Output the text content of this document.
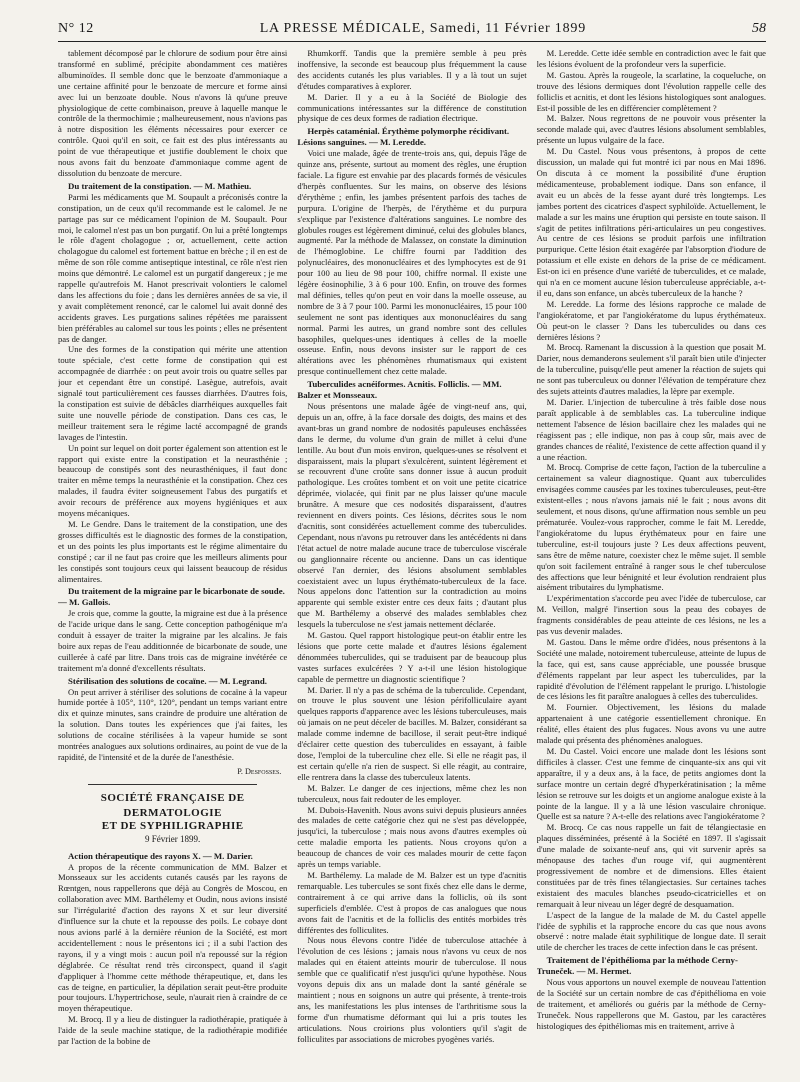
N° 12	LA PRESSE MÉDICALE, Samedi, 11 Février 1899	58

tablement décomposé par le chlorure de sodium pour être ainsi transformé en sublimé, précipite abondamment ces matières albuminoïdes. Il semble donc que le benzoate d'ammoniaque a une certaine affinité pour le benzoate de mercure et forme ainsi avec lui un benzoate double. Nous n'avons là qu'une preuve physiologique de cette combinaison, preuve à laquelle manque le contrôle de la thermochimie ; malheureusement, nous n'avions pas à notre disposition les éléments nécessaires pour exercer ce contrôle. Quoi qu'il en soit, ce fait est des plus intéressants au point de vue thérapeutique et justifie doublement le choix que nous avons fait du benzoate d'ammoniaque comme agent de dissolution du benzoate de mercure.

Du traitement de la constipation. — M. Mathieu.

Parmi les médicaments que M. Soupault a préconisés contre la constipation, un de ceux qu'il recommande est le calomel. Je ne partage pas sur ce médicament l'opinion de M. Soupault. Pour moi, le calomel n'est pas un bon purgatif. On lui a prêté longtemps le rôle d'agent cholagogue ; or, actuellement, cette action cholagogue du calomel est fortement battue en brèche ; il en est de même de son rôle comme antiseptique intestinal, ce rôle n'est rien moins que démontré. Le calomel est un purgatif dangereux ; je me rappelle qu'autrefois M. Hanot prescrivait volontiers le calomel dans les affections du foie ; dans les dernières années de sa vie, il y avait complètement renoncé, car le calomel lui avait donné des accidents graves. Les purgations salines répétées me paraissent bien préférables au calomel sur tous les points ; elles ne présentent pas de danger.

Une des formes de la constipation qui mérite une attention toute spéciale, c'est cette forme de constipation qui est accompagnée de diarrhée : on peut avoir trois ou quatre selles par jour et cependant être un constipé. Lasègue, autrefois, avait signalé tout particulièrement ces fausses diarrhées. D'autres fois, la constipation est suivie de débâcles diarrhéiques auxquelles fait suite une nouvelle période de constipation. Dans ces cas, le meilleur traitement sera le régime lacté accompagné de grands lavages de l'intestin.

Un point sur lequel on doit porter également son attention est le rapport qui existe entre la constipation et la neurasthénie ; beaucoup de constipés sont des neurasthéniques, il faut donc traiter en même temps la neurasthénie et la constipation. Chez ces malades, il faudra éviter soigneusement l'abus des purgatifs et avoir recours de préférence aux moyens hygiéniques et aux moyens mécaniques.

M. Le Gendre. Dans le traitement de la constipation, une des grosses difficultés est le diagnostic des formes de la constipation, et un des points les plus importants est le régime alimentaire du constipé ; car il ne faut pas croire que les meilleurs aliments pour les constipés sont toujours ceux qui laissent beaucoup de résidus alimentaires.

Du traitement de la migraine par le bicarbonate de soude. — M. Gallois.

Je crois que, comme la goutte, la migraine est due à la présence de l'acide urique dans le sang. Cette conception pathogénique m'a conduit à essayer de traiter la migraine par les alcalins. Je fais boire aux repas de l'eau additionnée de bicarbonate de soude, une cuillerée à café par litre. Dans trois cas de migraine invétérée ce traitement m'a donné d'excellents résultats.

Stérilisation des solutions de cocaïne. — M. Legrand.

On peut arriver à stériliser des solutions de cocaïne à la vapeur humide portée à 105°, 110°, 120°, pendant un temps variant entre dix et quinze minutes, sans craindre de produire une altération de la solution. Dans toutes les expériences que j'ai faites, les solutions de cocaïne stérilisées à la vapeur humide se sont montrées analogues aux solutions ordinaires, au point de vue de la rapidité, de l'intensité et de la durée de l'anesthésie.

P. Desfosses.
SOCIÉTÉ FRANÇAISE DE DERMATOLOGIE
ET DE SYPHILIGRAPHIE
9 Février 1899.
Action thérapeutique des rayons X. — M. Darier.

A propos de la récente communication de MM. Balzer et Monsseaux sur les accidents cutanés causés par les rayons de Rœntgen, nous rappellerons que déjà au Congrès de Moscou, en collaboration avec MM. Barthélemy et Oudin, nous avions insisté sur l'irrégularité d'action des rayons X et sur leur diversité d'influence sur la chute et la repousse des poils. Le cobaye dont nous avions parlé à la dernière réunion de la Société, est mort accidentellement : nous le présentons ici ; il a subi l'action des rayons, il y a vingt mois : aucun poil n'a repoussé sur la région déglabrée. Ce résultat rend très circonspect, quand il s'agit d'appliquer à l'homme cette méthode thérapeutique, et, dans les cas de teigne, en particulier, la dépilation serait peut-être produite pour toujours. L'hypertrichose, seule, n'aurait rien à craindre de ce moyen thérapeutique.

M. Brocq. Il y a lieu de distinguer la radiothérapie, pratiquée à l'aide de la seule machine statique, de la radiothérapie modifiée par l'action de la bobine de

Rhumkorff. Tandis que la première semble à peu près inoffensive, la seconde est beaucoup plus fréquemment la cause des accidents cutanés les plus variables. Il y a là tout un sujet d'études comparatives à explorer.

M. Darier. Il y a eu à la Société de Biologie des communications intéressantes sur la différence de constitution physique de ces deux formes de radiation électrique.

Herpès cataménial. Érythème polymorphe récidivant. Lésions sanguines. — M. Leredde.

Voici une malade, âgée de trente-trois ans, qui, depuis l'âge de quinze ans, présente, surtout au moment des règles, une éruption faciale. La figure est envahie par des placards formés de vésicules d'herpès confluentes. Sur les mains, on observe des lésions d'érythème ; enfin, les jambes présentent parfois des taches de purpura. L'origine de l'herpès, de l'érythème et du purpura s'explique par l'existence d'altérations sanguines. Le nombre des globules rouges est légèrement diminué, celui des globules blancs, augmenté. Par la méthode de Malassez, on constate la diminution de l'hémoglobine. Le chiffre fourni par l'addition des polynucléaires, des mononucléaires et des lymphocytes est de 91 pour 100 au lieu de 98 pour 100, chiffre normal. Il existe une légère éosinophilie, 3 à 6 pour 100. Enfin, on trouve des formes mal définies, telles qu'on peut en voir dans la moelle osseuse, au nombre de 3 à 7 pour 100. Parmi les mononucléaires, 15 pour 100 seulement ne sont pas identiques aux mononucléaires du sang normal. Parmi les autres, un grand nombre sont des cellules basophiles, quelques-unes identiques à celles de la moelle osseuse. Enfin, nous devons insister sur le rapport de ces altérations avec les phénomènes rhumatismaux qui existent presque continuellement chez cette malade.

Tuberculides acnéiformes. Acnitis. Folliclis. — MM. Balzer et Monsseaux.

Nous présentons une malade âgée de vingt-neuf ans, qui, depuis un an, offre, à la face dorsale des doigts, des mains et des avant-bras un grand nombre de nodosités papuleuses enchâssées dans le derme, du volume d'un grain de millet à celui d'une lentille. Au bout d'un mois environ, quelques-unes se résolvent et disparaissent, mais la plupart s'exulcèrent, suintent légèrement et se recouvrent d'une croûte sans donner issue à aucun produit pathologique. Les croûtes tombent et on voit une petite cicatrice déprimée, violacée, qui finit par ne plus laisser qu'une macule brunâtre. A mesure que ces nodosités disparaissent, d'autres reviennent en divers points. Ces lésions, décrites sous le nom d'acnitis, sont considérées actuellement comme des tuberculides. Cependant, nous n'avons pu retrouver dans les antécédents ni dans l'état actuel de notre malade aucune trace de tuberculose viscérale ou ganglionnaire récente ou ancienne. Dans un cas identique observé l'an dernier, des lésions absolument semblables coexistaient avec un lupus érythémato-tuberculeux de la face. Nous appelons donc l'attention sur la contradiction au moins apparente qui semble exister entre ces deux faits ; d'autant plus que M. Barthélemy a observé des malades semblables chez lesquels la tuberculose ne s'est jamais nettement déclarée.

M. Gastou. Quel rapport histologique peut-on établir entre les lésions que porte cette malade et d'autres lésions également dénommées tuberculides, qui se traduisent par de beaucoup plus vastes surfaces exulcérées ? Y a-t-il une lésion histologique capable de permettre un diagnostic scientifique ?

M. Darier. Il n'y a pas de schéma de la tuberculide. Cependant, on trouve le plus souvent une lésion périfolliculaire ayant quelques rapports d'apparence avec les lésions tuberculeuses, mais où jamais on ne peut déceler de bacilles. M. Balzer, considérant sa malade comme indemne de bacillose, il serait peut-être indiqué d'éclairer cette question des tuberculides en essayant, à faible dose, l'emploi de la tuberculine chez elle. Si elle ne réagit pas, il est certain qu'elle n'a rien de suspect. Si elle réagit, au contraire, elle rentrera dans la classe des tuberculeux latents.

M. Balzer. Le danger de ces injections, même chez les non tuberculeux, nous fait redouter de les employer.

M. Dubois-Havenith. Nous avons suivi depuis plusieurs années des malades de cette catégorie chez qui ne s'est pas développée, jusqu'ici, la tuberculose ; mais nous avons d'autres exemples où cette maladie emporta les patients. Nous croyons qu'on a beaucoup de chances de voir ces malades mourir de cette façon après un temps variable.

M. Barthélemy. La malade de M. Balzer est un type d'acnitis remarquable. Les tubercules se sont fixés chez elle dans le derme, contrairement à ce qui arrive dans la folliclis, où ils sont superficiels d'emblée. C'est à propos de cas analogues que nous avons fait de l'acnitis et de la folliclis des entités morbides très différentes des folliculites.

Nous nous élevons contre l'idée de tuberculose attachée à l'évolution de ces lésions ; jamais nous n'avons vu ceux de nos malades qui en étaient atteints mourir de tuberculose. Il nous semble que ce qualificatif n'est jusqu'ici qu'une hypothèse. Nous voyons depuis dix ans un malade dont la santé générale se maintient ; nous en soignons un autre qui présente, à trente-trois ans, les manifestations les plus intenses de l'arthritisme sous la forme d'un rhumatisme déformant qui lui a pris toutes les articulations. Nous croirions plus volontiers qu'il s'agit de folliculites par associations de microbes pyogènes variés.

M. Leredde. Cette idée semble en contradiction avec le fait que les lésions évoluent de la profondeur vers la superficie.

M. Gastou. Après la rougeole, la scarlatine, la coqueluche, on trouve des lésions dermiques dont l'évolution rappelle celle des folliclis et acnitis, et dont les lésions histologiques sont analogues. Est-il possible de les en différencier complètement ?

M. Balzer. Nous regrettons de ne pouvoir vous présenter la seconde malade qui, avec d'autres lésions absolument semblables, présente un lupus vulgaire de la face.

M. Du Castel. Nous vous présentons, à propos de cette discussion, un malade qui fut montré ici par nous en Mai 1896. On discuta à ce moment la possibilité d'une éruption médicamenteuse, probablement iodique. Dans son enfance, il avait eu un abcès de la fesse ayant duré très longtemps. Les jambes portent des cicatrices d'aspect syphiloïde. Actuellement, le malade a sur les mains une éruption qui persiste en toute saison. Il s'agit de petites infiltrations péri-articulaires un peu congestives. Au centre de ces lésions se produit parfois une infiltration purpurique. Cette lésion était exagérée par l'absorption d'iodure de potassium et elle existe en dehors de la prise de ce médicament. Est-on ici en présence d'une variété de tuberculides, et ce malade, qui n'a en ce moment aucune lésion tuberculeuse appréciable, a-t-il eu, dans son enfance, un abcès tuberculeux de la hanche ?

M. Leredde. La forme des lésions rapproche ce malade de l'angiokératome, et par l'angiokératome du lupus érythémateux. Où peut-on le classer ? Dans les tuberculides ou dans ces dernières lésions ?

M. Brocq. Ramenant la discussion à la question que posait M. Darier, nous demanderons seulement s'il paraît bien utile d'injecter de la tuberculine, puisqu'elle peut amener la réaction de sujets qui ne sont pas tuberculeux ou donner l'élévation de température chez des sujets atteints d'autres maladies, la lèpre par exemple.

M. Darier. L'injection de tuberculine à très faible dose nous paraît applicable à de semblables cas. La tuberculine indique nettement l'absence de lésion bacillaire chez les malades qui ne réagissent pas ; elle indique, non pas à coup sûr, mais avec de grandes chances de réalité, l'existence de cette affection quand il y a une réaction.

M. Brocq. Comprise de cette façon, l'action de la tuberculine a certainement sa valeur diagnostique. Quant aux tuberculides envisagées comme causées par les toxines tuberculeuses, peut-être existent-elles ; nous n'avons jamais nié le fait ; nous avons dit seulement, et nous disons, qu'une affirmation nous semble un peu prématurée. Voulez-vous rapprocher, comme le fait M. Leredde, l'angiokératome du lupus érythémateux pour en faire une tuberculine, est-il toujours juste ? Les deux affections peuvent, sans être de même nature, coexister chez le même sujet. Il semble qu'on soit facilement entraîné à ranger sous le chef tuberculose des affections que leur bénignité et leur évolution rendraient plus aisément tributaires du lymphatisme.

L'expérimentation s'accorde peu avec l'idée de tuberculose, car M. Veillon, malgré l'insertion sous la peau des cobayes de fragments considérables de peau atteinte de ces lésions, ne les a pas vus devenir malades.

M. Gastou. Dans le même ordre d'idées, nous présentons à la Société une malade, notoirement tuberculeuse, atteinte de lupus de la face, qui est, sans cause appréciable, une poussée brusque d'éléments rappelant par leur aspect les tuberculides, par la rapidité d'évolution de l'élément rappelant le prurigo. L'histologie de ces lésions les fit paraître analogues à celles des tuberculides.

M. Fournier. Objectivement, les lésions du malade appartenaient à une catégorie essentiellement chronique. En réalité, elles étaient des plus fugaces. Nous avons vu une autre malade qui présenta des phénomènes analogues.

M. Du Castel. Voici encore une malade dont les lésions sont difficiles à classer. C'est une femme de cinquante-six ans qui vit apparaître, il y a deux ans, à la face, de petits angiomes dont la surface montre un certain degré d'hyperkératinisation ; la même lésion se retrouve sur les doigts et un angiome analogue existe à la pointe de la langue. Il y a là une lésion vasculaire chronique. Quelle est sa nature ? A-t-elle des relations avec l'angiokératome ?

M. Brocq. Ce cas nous rappelle un fait de télangiectasie en plaques disséminées, présenté à la Société en 1897. Il s'agissait d'une malade de soixante-neuf ans, qui vit survenir après sa ménopause des taches d'un rouge vif, qui augmentèrent progressivement de nombre et de dimensions. Elles étaient constituées par de très fines télangiectasies. Sur certaines taches existaient des macules blanches pseudo-cicatricielles et on remarquait à leur niveau un léger degré de desquamation.

L'aspect de la langue de la malade de M. du Castel appelle l'idée de syphilis et la rapproche encore du cas que nous avons observé : notre malade était syphilitique de longue date. Il serait utile de chercher les traces de cette infection dans le cas présent.

Traitement de l'épithélioma par la méthode Cerny-Truneček. — M. Hermet.

Nous vous apportons un nouvel exemple de nouveau l'attention de la Société sur un certain nombre de cas d'épithélioma en voie de traitement, et améliorés ou guéris par la méthode de Cerny-Truneček. Nous rappellerons que M. Gastou, par les caractères histologiques des épithéliomas mis en traitement, arrive à
